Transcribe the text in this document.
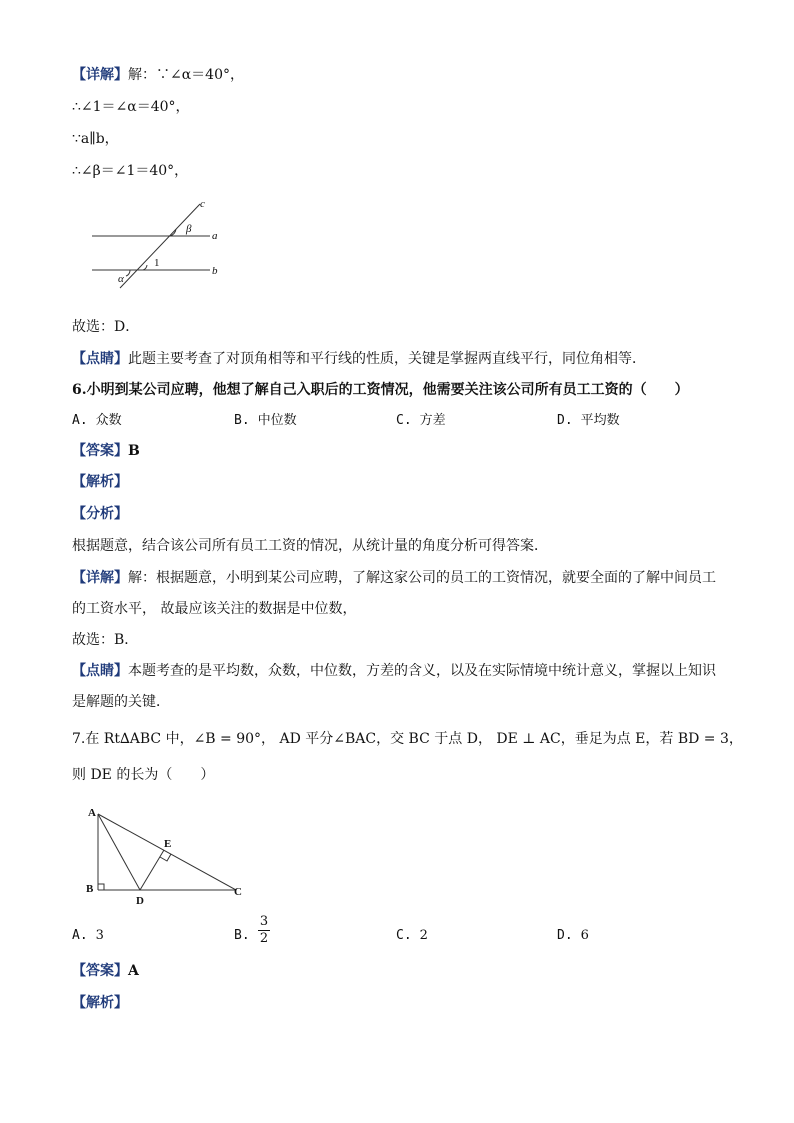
【详解】解：∵∠α＝40°，
∴∠1＝∠α＝40°，
∵a∥b，
∴∠β＝∠1＝40°，
c
a
b
β
1
α
故选：D．
【点睛】此题主要考查了对顶角相等和平行线的性质，关键是掌握两直线平行，同位角相等．
6.小明到某公司应聘，他想了解自己入职后的工资情况，他需要关注该公司所有员工工资的（　　）
A. 众数	B. 中位数	C. 方差	D. 平均数
【答案】B
【解析】
【分析】
根据题意，结合该公司所有员工工资的情况，从统计量的角度分析可得答案．
【详解】解：根据题意，小明到某公司应聘，了解这家公司的员工的工资情况，就要全面的了解中间员工
的工资水平， 故最应该关注的数据是中位数，
故选：B．
【点睛】本题考查的是平均数，众数，中位数，方差的含义，以及在实际情境中统计意义，掌握以上知识
是解题的关键．
7.在 Rt∆ABC 中，∠B = 90°， AD 平分∠BAC，交 BC 于点 D， DE ⊥ AC，垂足为点 E，若 BD = 3，
则 DE 的长为（　　）
A
B	C
D
E
A. 3	B. $\frac{3}{2}$	C. 2	D. 6
【答案】A
【解析】
